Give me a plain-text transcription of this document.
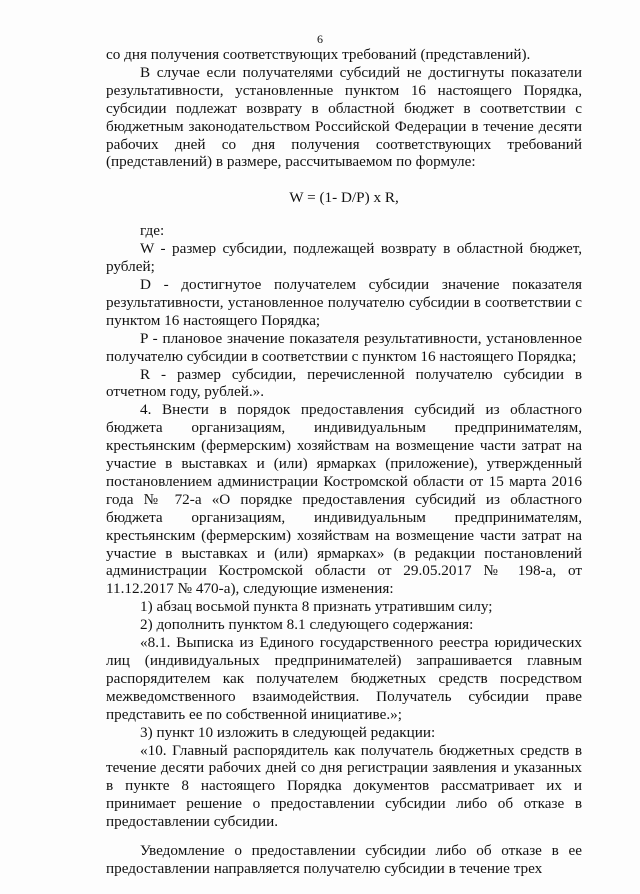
6

со дня получения соответствующих требований (представлений).

В случае если получателями субсидий не достигнуты показатели результативности, установленные пунктом 16 настоящего Порядка, субсидии подлежат возврату в областной бюджет в соответствии с бюджетным законодательством Российской Федерации в течение десяти рабочих дней со дня получения соответствующих требований (представлений) в размере, рассчитываемом по формуле:

W = (1- D/P) x R,

где:

W - размер субсидии, подлежащей возврату в областной бюджет, рублей;

D - достигнутое получателем субсидии значение показателя результативности, установленное получателю субсидии в соответствии с пунктом 16 настоящего Порядка;

P - плановое значение показателя результативности, установленное получателю субсидии в соответствии с пунктом 16 настоящего Порядка;

R - размер субсидии, перечисленной получателю субсидии в отчетном году, рублей.».

4. Внести в порядок предоставления субсидий из областного бюджета организациям, индивидуальным предпринимателям, крестьянским (фермерским) хозяйствам на возмещение части затрат на участие в выставках и (или) ярмарках (приложение), утвержденный постановлением администрации Костромской области от 15 марта 2016 года № 72-а «О порядке предоставления субсидий из областного бюджета организациям, индивидуальным предпринимателям, крестьянским (фермерским) хозяйствам на возмещение части затрат на участие в выставках и (или) ярмарках» (в редакции постановлений администрации Костромской области от 29.05.2017 № 198-а, от 11.12.2017 № 470-а), следующие изменения:

1) абзац восьмой пункта 8 признать утратившим силу;

2) дополнить пунктом 8.1 следующего содержания:

«8.1. Выписка из Единого государственного реестра юридических лиц (индивидуальных предпринимателей) запрашивается главным распорядителем как получателем бюджетных средств посредством межведомственного взаимодействия. Получатель субсидии праве представить ее по собственной инициативе.»;

3) пункт 10 изложить в следующей редакции:

«10. Главный распорядитель как получатель бюджетных средств в течение десяти рабочих дней со дня регистрации заявления и указанных в пункте 8 настоящего Порядка документов рассматривает их и принимает решение о предоставлении субсидии либо об отказе в предоставлении субсидии.

Уведомление о предоставлении субсидии либо об отказе в ее предоставлении направляется получателю субсидии в течение трех
